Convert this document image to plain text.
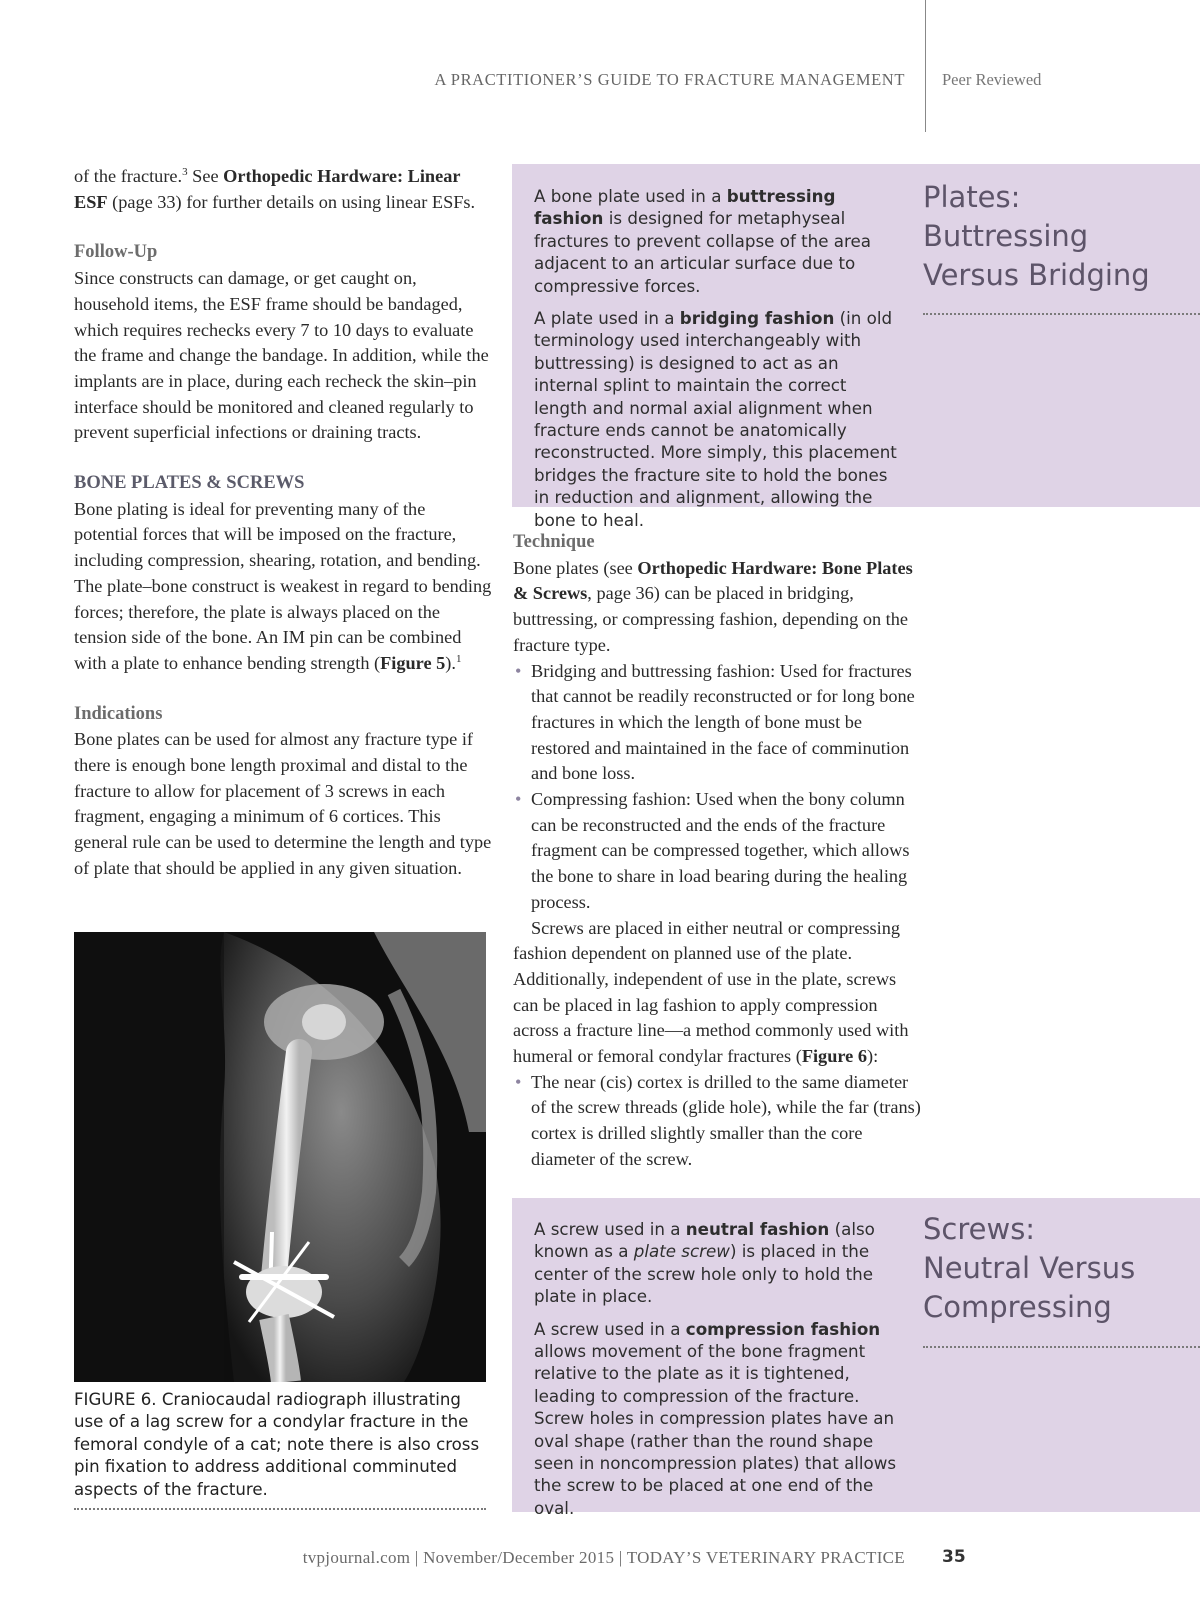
A PRACTITIONER’S GUIDE TO FRACTURE MANAGEMENT Peer Reviewed

of the fracture.$^3$ See Orthopedic Hardware: Linear ESF (page 33) for further details on using linear ESFs.

Follow-Up

Since constructs can damage, or get caught on, household items, the ESF frame should be bandaged, which requires rechecks every 7 to 10 days to evaluate the frame and change the bandage. In addition, while the implants are in place, during each recheck the skin–pin interface should be monitored and cleaned regularly to prevent superficial infections or draining tracts.

BONE PLATES & SCREWS

Bone plating is ideal for preventing many of the potential forces that will be imposed on the fracture, including compression, shearing, rotation, and bending. The plate–bone construct is weakest in regard to bending forces; therefore, the plate is always placed on the tension side of the bone. An IM pin can be combined with a plate to enhance bending strength (Figure 5).$^1$

Indications

Bone plates can be used for almost any fracture type if there is enough bone length proximal and distal to the fracture to allow for placement of 3 screws in each fragment, engaging a minimum of 6 cortices. This general rule can be used to determine the length and type of plate that should be applied in any given situation.

FIGURE 6. Craniocaudal radiograph illustrating use of a lag screw for a condylar fracture in the femoral condyle of a cat; note there is also cross pin fixation to address additional comminuted aspects of the fracture.

A bone plate used in a buttressing fashion is designed for metaphyseal fractures to prevent collapse of the area adjacent to an articular surface due to compressive forces.

A plate used in a bridging fashion (in old terminology used interchangeably with buttressing) is designed to act as an internal splint to maintain the correct length and normal axial alignment when fracture ends cannot be anatomically reconstructed. More simply, this placement bridges the fracture site to hold the bones in reduction and alignment, allowing the bone to heal.

Plates:
Buttressing
Versus Bridging
Technique

Bone plates (see Orthopedic Hardware: Bone Plates & Screws, page 36) can be placed in bridging, buttressing, or compressing fashion, depending on the fracture type.

• Bridging and buttressing fashion: Used for fractures that cannot be readily reconstructed or for long bone fractures in which the length of bone must be restored and maintained in the face of comminution and bone loss.
• Compressing fashion: Used when the bony column can be reconstructed and the ends of the fracture fragment can be compressed together, which allows the bone to share in load bearing during the healing process.

Screws are placed in either neutral or compressing fashion dependent on planned use of the plate. Additionally, independent of use in the plate, screws can be placed in lag fashion to apply compression across a fracture line—a method commonly used with humeral or femoral condylar fractures (Figure 6):

• The near (cis) cortex is drilled to the same diameter of the screw threads (glide hole), while the far (trans) cortex is drilled slightly smaller than the core diameter of the screw.

A screw used in a neutral fashion (also known as a plate screw) is placed in the center of the screw hole only to hold the plate in place.

A screw used in a compression fashion allows movement of the bone fragment relative to the plate as it is tightened, leading to compression of the fracture. Screw holes in compression plates have an oval shape (rather than the round shape seen in noncompression plates) that allows the screw to be placed at one end of the oval.

Screws:
Neutral Versus
Compressing
tvpjournal.com | November/December 2015 | TODAY’S VETERINARY PRACTICE 35
